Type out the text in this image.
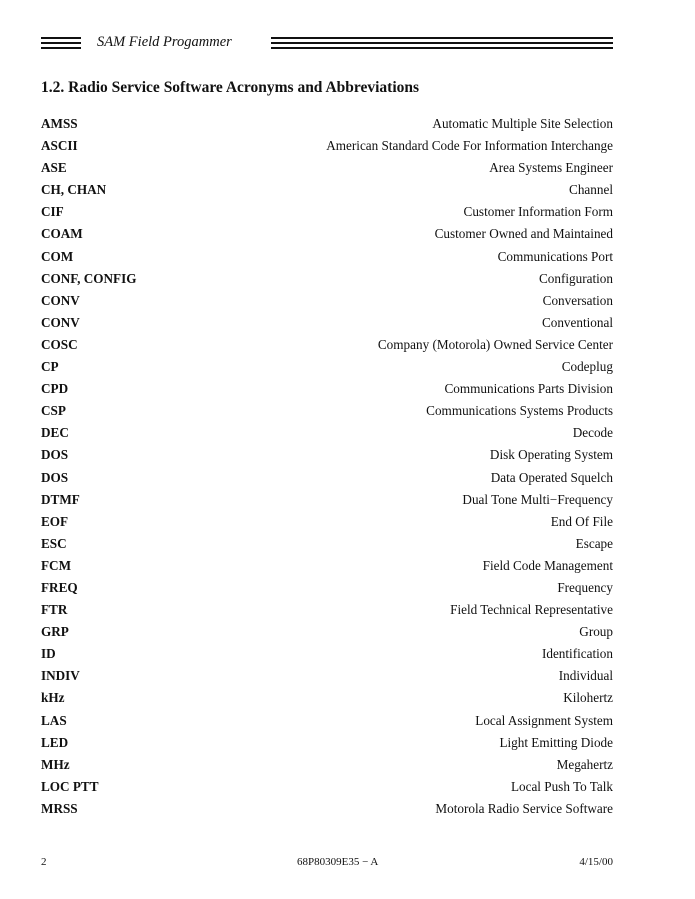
SAM Field Progammer
1.2. Radio Service Software Acronyms and Abbreviations
AMSS	Automatic Multiple Site Selection
ASCII	American Standard Code For Information Interchange
ASE	Area Systems Engineer
CH, CHAN	Channel
CIF	Customer Information Form
COAM	Customer Owned and Maintained
COM	Communications Port
CONF, CONFIG	Configuration
CONV	Conversation
CONV	Conventional
COSC	Company (Motorola) Owned Service Center
CP	Codeplug
CPD	Communications Parts Division
CSP	Communications Systems Products
DEC	Decode
DOS	Disk Operating System
DOS	Data Operated Squelch
DTMF	Dual Tone Multi−Frequency
EOF	End Of File
ESC	Escape
FCM	Field Code Management
FREQ	Frequency
FTR	Field Technical Representative
GRP	Group
ID	Identification
INDIV	Individual
kHz	Kilohertz
LAS	Local Assignment System
LED	Light Emitting Diode
MHz	Megahertz
LOC PTT	Local Push To Talk
MRSS	Motorola Radio Service Software
2	68P80309E35 − A	4/15/00
